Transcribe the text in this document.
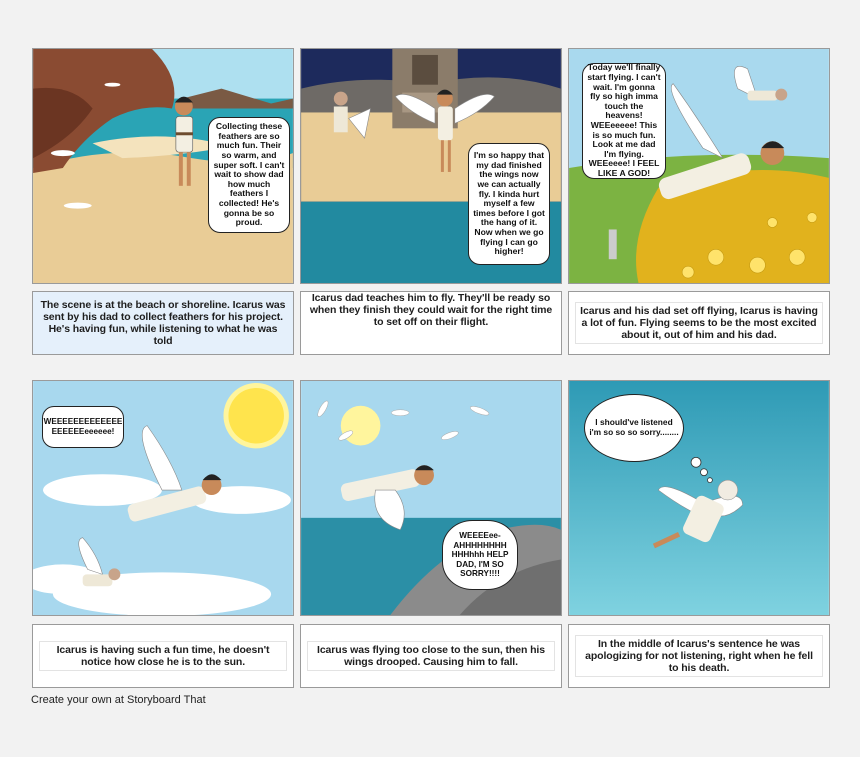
Collecting these feathers are so much fun. Their so warm, and super soft. I can't wait to show dad how much feathers I collected! He's gonna be so proud.
I'm so happy that my dad finished the wings now we can actually fly. I kinda hurt myself a few times before I got the hang of it. Now when we go flying I can go higher!
Today we'll finally start flying. I can't wait. I'm gonna fly so high imma touch the heavens! WEEeeeee! This is so much fun. Look at me dad I'm flying. WEEeeee! I FEEL LIKE A GOD!
The scene is at the beach or shoreline. Icarus was sent by his dad to collect feathers for his project. He's having fun, while listening to what he was told
Icarus dad teaches him to fly. They'll be ready so when they finish they could wait for the right time to set off on their flight.
Icarus and his dad set off flying, Icarus is having a lot of fun. Flying seems to be the most excited about it, out of him and his dad.
WEEEEEEEEEEEEE EEEEEEeeeeee!
WEEEEee-AHHHHHHHH HHHhhh HELP DAD, I'M SO SORRY!!!!
I should've listened i'm so so so sorry........
Icarus is having such a fun time, he doesn't notice how close he is to the sun.
Icarus was flying too close to the sun, then his wings drooped. Causing him to fall.
In the middle of Icarus's sentence he was apologizing for not listening, right when he fell to his death.
Create your own at Storyboard That
